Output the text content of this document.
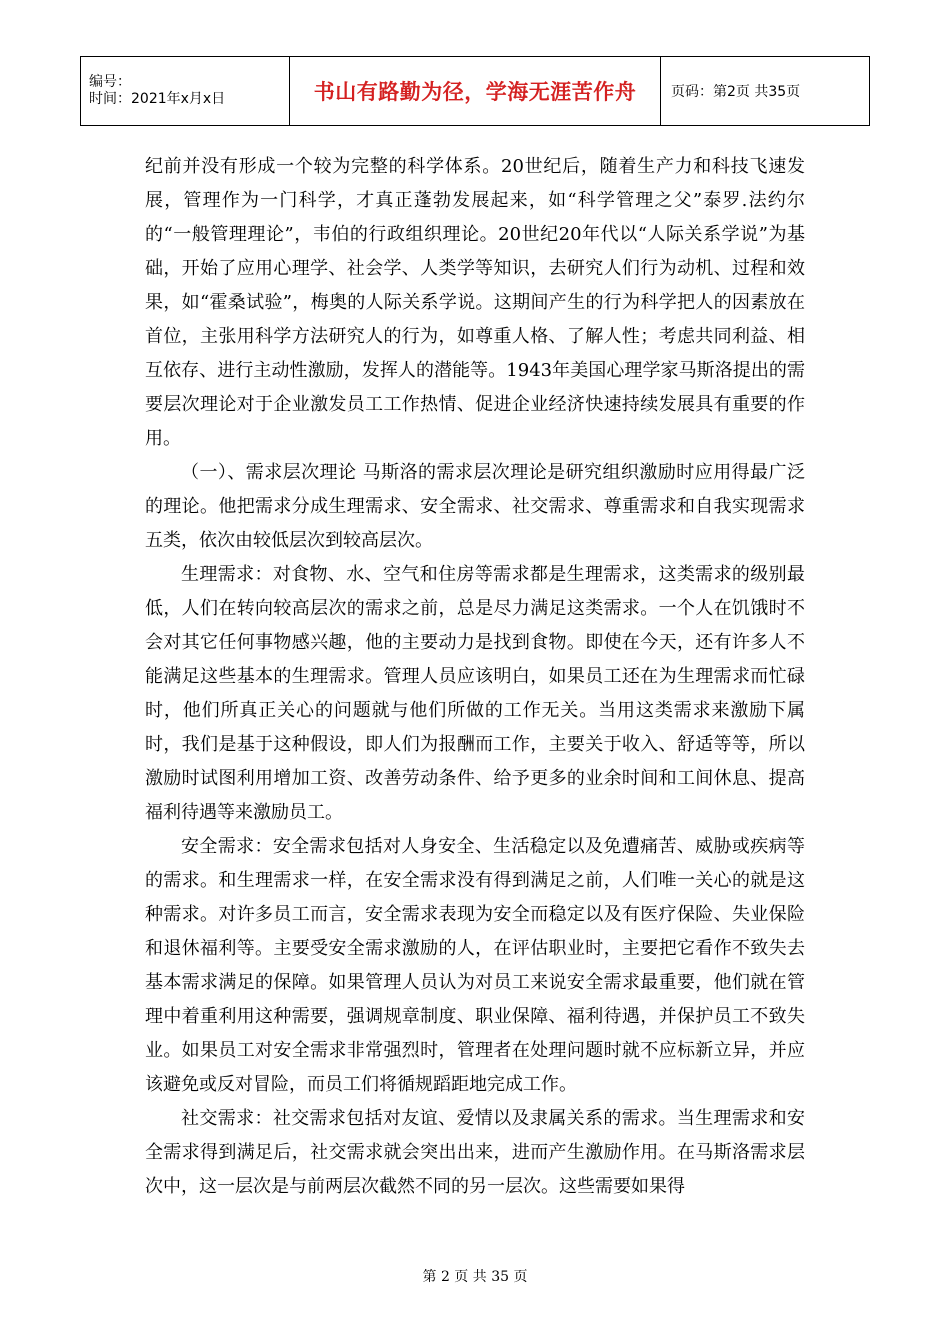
编号：
时间：2021年x月x日	书山有路勤为径，学海无涯苦作舟	页码：第2页 共35页

纪前并没有形成一个较为完整的科学体系。20世纪后，随着生产力和科技飞速发展，管理作为一门科学，才真正蓬勃发展起来，如“科学管理之父”泰罗.法约尔的“一般管理理论”，韦伯的行政组织理论。20世纪20年代以“人际关系学说”为基础，开始了应用心理学、社会学、人类学等知识，去研究人们行为动机、过程和效果，如“霍桑试验”，梅奥的人际关系学说。这期间产生的行为科学把人的因素放在首位，主张用科学方法研究人的行为，如尊重人格、了解人性；考虑共同利益、相互依存、进行主动性激励，发挥人的潜能等。1943年美国心理学家马斯洛提出的需要层次理论对于企业激发员工工作热情、促进企业经济快速持续发展具有重要的作用。

（一）、需求层次理论 马斯洛的需求层次理论是研究组织激励时应用得最广泛的理论。他把需求分成生理需求、安全需求、社交需求、尊重需求和自我实现需求五类，依次由较低层次到较高层次。

生理需求：对食物、水、空气和住房等需求都是生理需求，这类需求的级别最低，人们在转向较高层次的需求之前，总是尽力满足这类需求。一个人在饥饿时不会对其它任何事物感兴趣，他的主要动力是找到食物。即使在今天，还有许多人不能满足这些基本的生理需求。管理人员应该明白，如果员工还在为生理需求而忙碌时，他们所真正关心的问题就与他们所做的工作无关。当用这类需求来激励下属时，我们是基于这种假设，即人们为报酬而工作，主要关于收入、舒适等等，所以激励时试图利用增加工资、改善劳动条件、给予更多的业余时间和工间休息、提高福利待遇等来激励员工。

安全需求：安全需求包括对人身安全、生活稳定以及免遭痛苦、威胁或疾病等的需求。和生理需求一样，在安全需求没有得到满足之前，人们唯一关心的就是这种需求。对许多员工而言，安全需求表现为安全而稳定以及有医疗保险、失业保险和退休福利等。主要受安全需求激励的人，在评估职业时，主要把它看作不致失去基本需求满足的保障。如果管理人员认为对员工来说安全需求最重要，他们就在管理中着重利用这种需要，强调规章制度、职业保障、福利待遇，并保护员工不致失业。如果员工对安全需求非常强烈时，管理者在处理问题时就不应标新立异，并应该避免或反对冒险，而员工们将循规蹈距地完成工作。

社交需求：社交需求包括对友谊、爱情以及隶属关系的需求。当生理需求和安全需求得到满足后，社交需求就会突出出来，进而产生激励作用。在马斯洛需求层次中，这一层次是与前两层次截然不同的另一层次。这些需要如果得

第 2 页 共 35 页
